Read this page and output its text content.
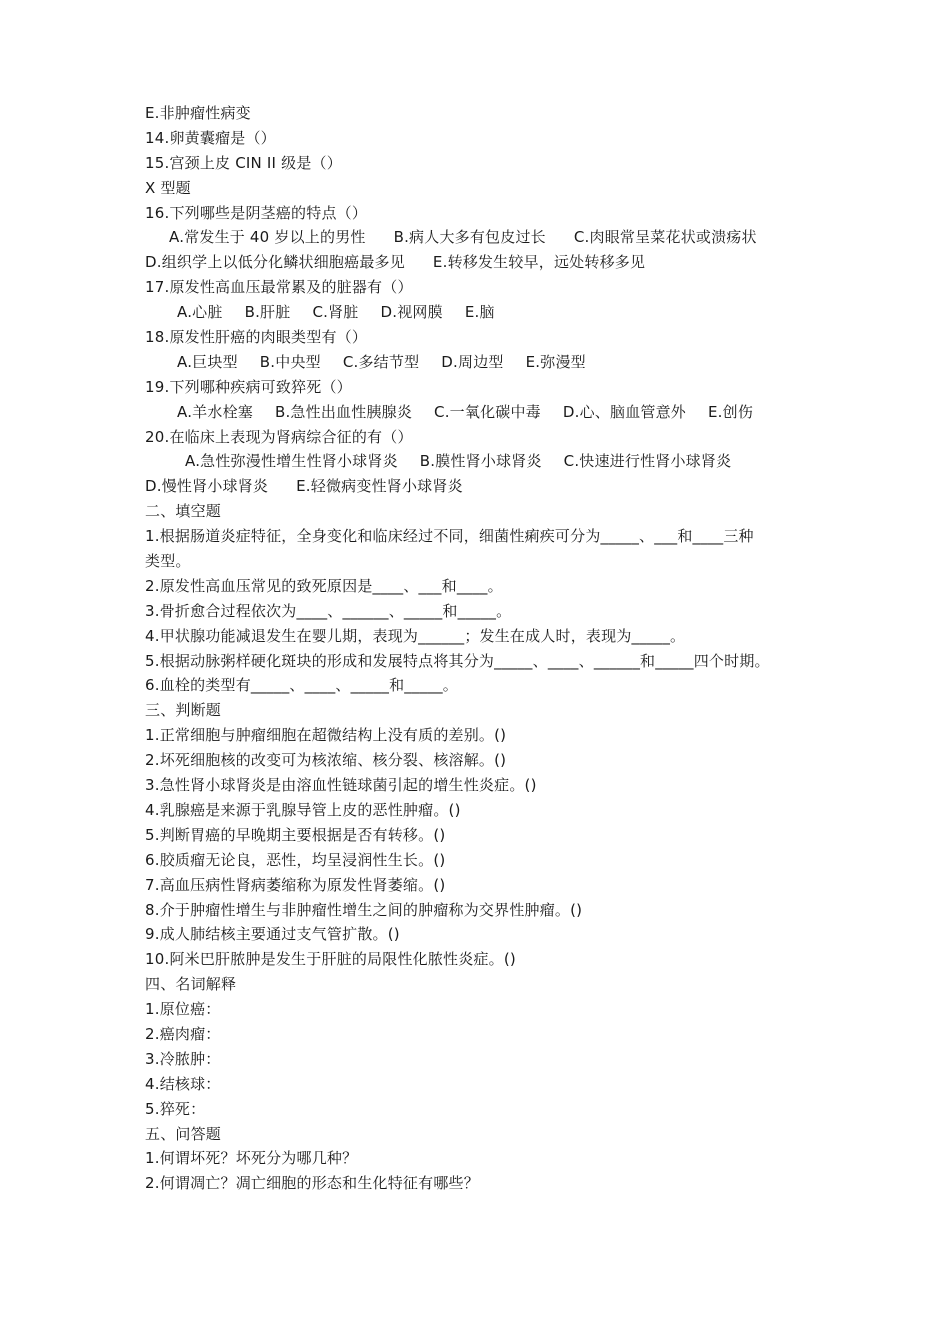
E.非肿瘤性病变
14.卵黄囊瘤是（）
15.宫颈上皮 CIN II 级是（）
X 型题
16.下列哪些是阴茎癌的特点（）
A.常发生于 40 岁以上的男性 B.病人大多有包皮过长 C.肉眼常呈菜花状或溃疡状
D.组织学上以低分化鳞状细胞癌最多见 E.转移发生较早，远处转移多见
17.原发性高血压最常累及的脏器有（）
A.心脏 B.肝脏 C.肾脏 D.视网膜 E.脑
18.原发性肝癌的肉眼类型有（）
A.巨块型 B.中央型 C.多结节型 D.周边型 E.弥漫型
19.下列哪种疾病可致猝死（）
A.羊水栓塞 B.急性出血性胰腺炎 C.一氧化碳中毒 D.心、脑血管意外 E.创伤
20.在临床上表现为肾病综合征的有（）
A.急性弥漫性增生性肾小球肾炎 B.膜性肾小球肾炎 C.快速进行性肾小球肾炎
D.慢性肾小球肾炎 E.轻微病变性肾小球肾炎
二、填空题
1.根据肠道炎症特征，全身变化和临床经过不同，细菌性痢疾可分为_____、___和____三种
类型。
2.原发性高血压常见的致死原因是____、___和____。
3.骨折愈合过程依次为____、______、_____和_____。
4.甲状腺功能减退发生在婴儿期，表现为______；发生在成人时，表现为_____。
5.根据动脉粥样硬化斑块的形成和发展特点将其分为_____、____、______和_____四个时期。
6.血栓的类型有_____、____、_____和_____。
三、判断题
1.正常细胞与肿瘤细胞在超微结构上没有质的差别。()
2.坏死细胞核的改变可为核浓缩、核分裂、核溶解。()
3.急性肾小球肾炎是由溶血性链球菌引起的增生性炎症。()
4.乳腺癌是来源于乳腺导管上皮的恶性肿瘤。()
5.判断胃癌的早晚期主要根据是否有转移。()
6.胶质瘤无论良，恶性，均呈浸润性生长。()
7.高血压病性肾病萎缩称为原发性肾萎缩。()
8.介于肿瘤性增生与非肿瘤性增生之间的肿瘤称为交界性肿瘤。()
9.成人肺结核主要通过支气管扩散。()
10.阿米巴肝脓肿是发生于肝脏的局限性化脓性炎症。()
四、名词解释
1.原位癌：
2.癌肉瘤：
3.冷脓肿：
4.结核球：
5.猝死：
五、问答题
1.何谓坏死？坏死分为哪几种？
2.何谓凋亡？凋亡细胞的形态和生化特征有哪些？
